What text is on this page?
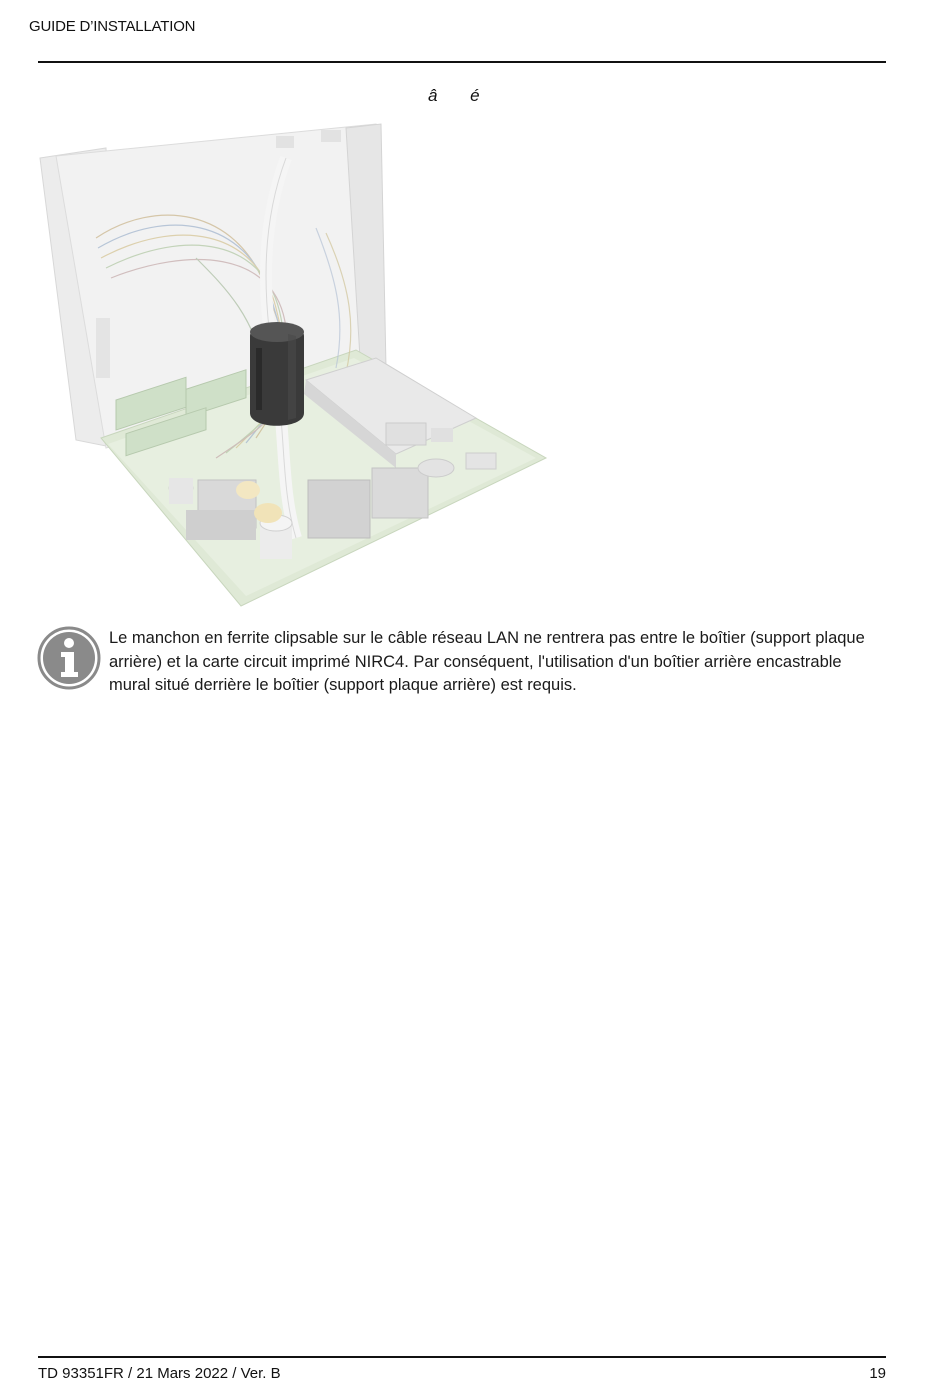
GUIDE D’INSTALLATION
â é
Le manchon en ferrite clipsable sur le câble réseau LAN ne rentrera pas entre le boîtier (support plaque arrière) et la carte circuit imprimé NIRC4. Par conséquent, l'utilisation d'un boîtier arrière encastrable mural situé derrière le boîtier (support plaque arrière) est requis.
TD 93351FR / 21 Mars 2022 / Ver. B	19
